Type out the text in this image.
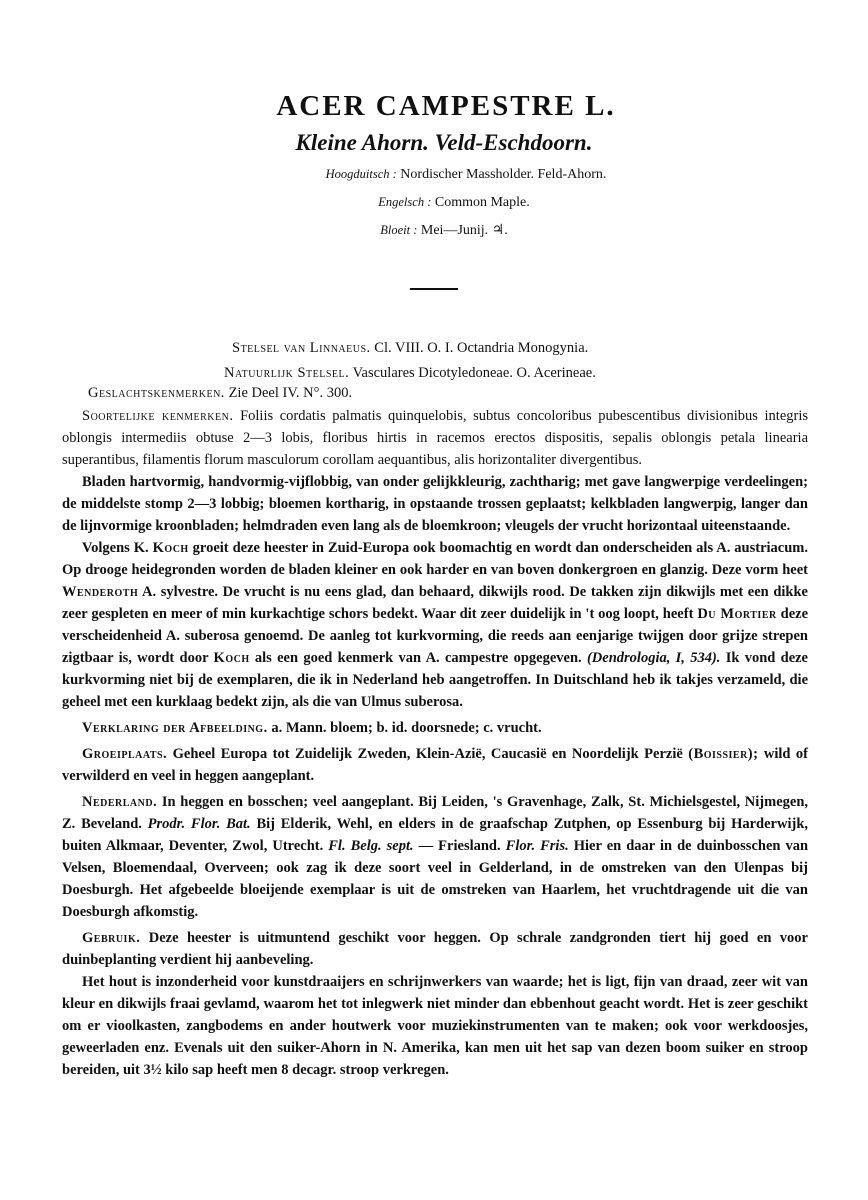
ACER CAMPESTRE L.
Kleine Ahorn. Veld-Eschdoorn.
Hoogduitsch : Nordischer Massholder. Feld-Ahorn.
Engelsch : Common Maple.
Bloeit : Mei—Junij. ♃.
Stelsel van Linnaeus. Cl. VIII. O. I. Octandria Monogynia.
Natuurlijk Stelsel. Vasculares Dicotyledoneae. O. Acerineae.
Geslachtskenmerken. Zie Deel IV. N°. 300.

Soortelijke kenmerken. Foliis cordatis palmatis quinquelobis, subtus concoloribus pubescentibus divisionibus integris oblongis intermediis obtuse 2—3 lobis, floribus hirtis in racemos erectos dispositis, sepalis oblongis petala linearia superantibus, filamentis florum masculorum corollam aequantibus, alis horizontaliter divergentibus.

Bladen hartvormig, handvormig-vijflobbig, van onder gelijkkleurig, zachtharig; met gave langwerpige verdeelingen; de middelste stomp 2—3 lobbig; bloemen kortharig, in opstaande trossen geplaatst; kelkbladen langwerpig, langer dan de lijnvormige kroonbladen; helmdraden even lang als de bloemkroon; vleugels der vrucht horizontaal uiteenstaande.

Volgens K. Koch groeit deze heester in Zuid-Europa ook boomachtig en wordt dan onderscheiden als A. austriacum. Op drooge heidegronden worden de bladen kleiner en ook harder en van boven donkergroen en glanzig. Deze vorm heet Wenderoth A. sylvestre. De vrucht is nu eens glad, dan behaard, dikwijls rood. De takken zijn dikwijls met een dikke zeer gespleten en meer of min kurkachtige schors bedekt. Waar dit zeer duidelijk in 't oog loopt, heeft Du Mortier deze verscheidenheid A. suberosa genoemd. De aanleg tot kurkvorming, die reeds aan eenjarige twijgen door grijze strepen zigtbaar is, wordt door Koch als een goed kenmerk van A. campestre opgegeven. (Dendrologia, I, 534). Ik vond deze kurkvorming niet bij de exemplaren, die ik in Nederland heb aangetroffen. In Duitschland heb ik takjes verzameld, die geheel met een kurklaag bedekt zijn, als die van Ulmus suberosa.

Verklaring der Afbeelding. a. Mann. bloem; b. id. doorsnede; c. vrucht.

Groeiplaats. Geheel Europa tot Zuidelijk Zweden, Klein-Azië, Caucasië en Noordelijk Perzië (Boissier); wild of verwilderd en veel in heggen aangeplant.

Nederland. In heggen en bosschen; veel aangeplant. Bij Leiden, 's Gravenhage, Zalk, St. Michielsgestel, Nijmegen, Z. Beveland. Prodr. Flor. Bat. Bij Elderik, Wehl, en elders in de graafschap Zutphen, op Essenburg bij Harderwijk, buiten Alkmaar, Deventer, Zwol, Utrecht. Fl. Belg. sept. — Friesland. Flor. Fris. Hier en daar in de duinbosschen van Velsen, Bloemendaal, Overveen; ook zag ik deze soort veel in Gelderland, in de omstreken van den Ulenpas bij Doesburgh. Het afgebeelde bloeijende exemplaar is uit de omstreken van Haarlem, het vruchtdragende uit die van Doesburgh afkomstig.

Gebruik. Deze heester is uitmuntend geschikt voor heggen. Op schrale zandgronden tiert hij goed en voor duinbeplanting verdient hij aanbeveling.

Het hout is inzonderheid voor kunstdraaijers en schrijnwerkers van waarde; het is ligt, fijn van draad, zeer wit van kleur en dikwijls fraai gevlamd, waarom het tot inlegwerk niet minder dan ebbenhout geacht wordt. Het is zeer geschikt om er vioolkasten, zangbodems en ander houtwerk voor muziekinstrumenten van te maken; ook voor werkdoosjes, geweerladen enz. Evenals uit den suiker-Ahorn in N. Amerika, kan men uit het sap van dezen boom suiker en stroop bereiden, uit 3½ kilo sap heeft men 8 decagr. stroop verkregen.
